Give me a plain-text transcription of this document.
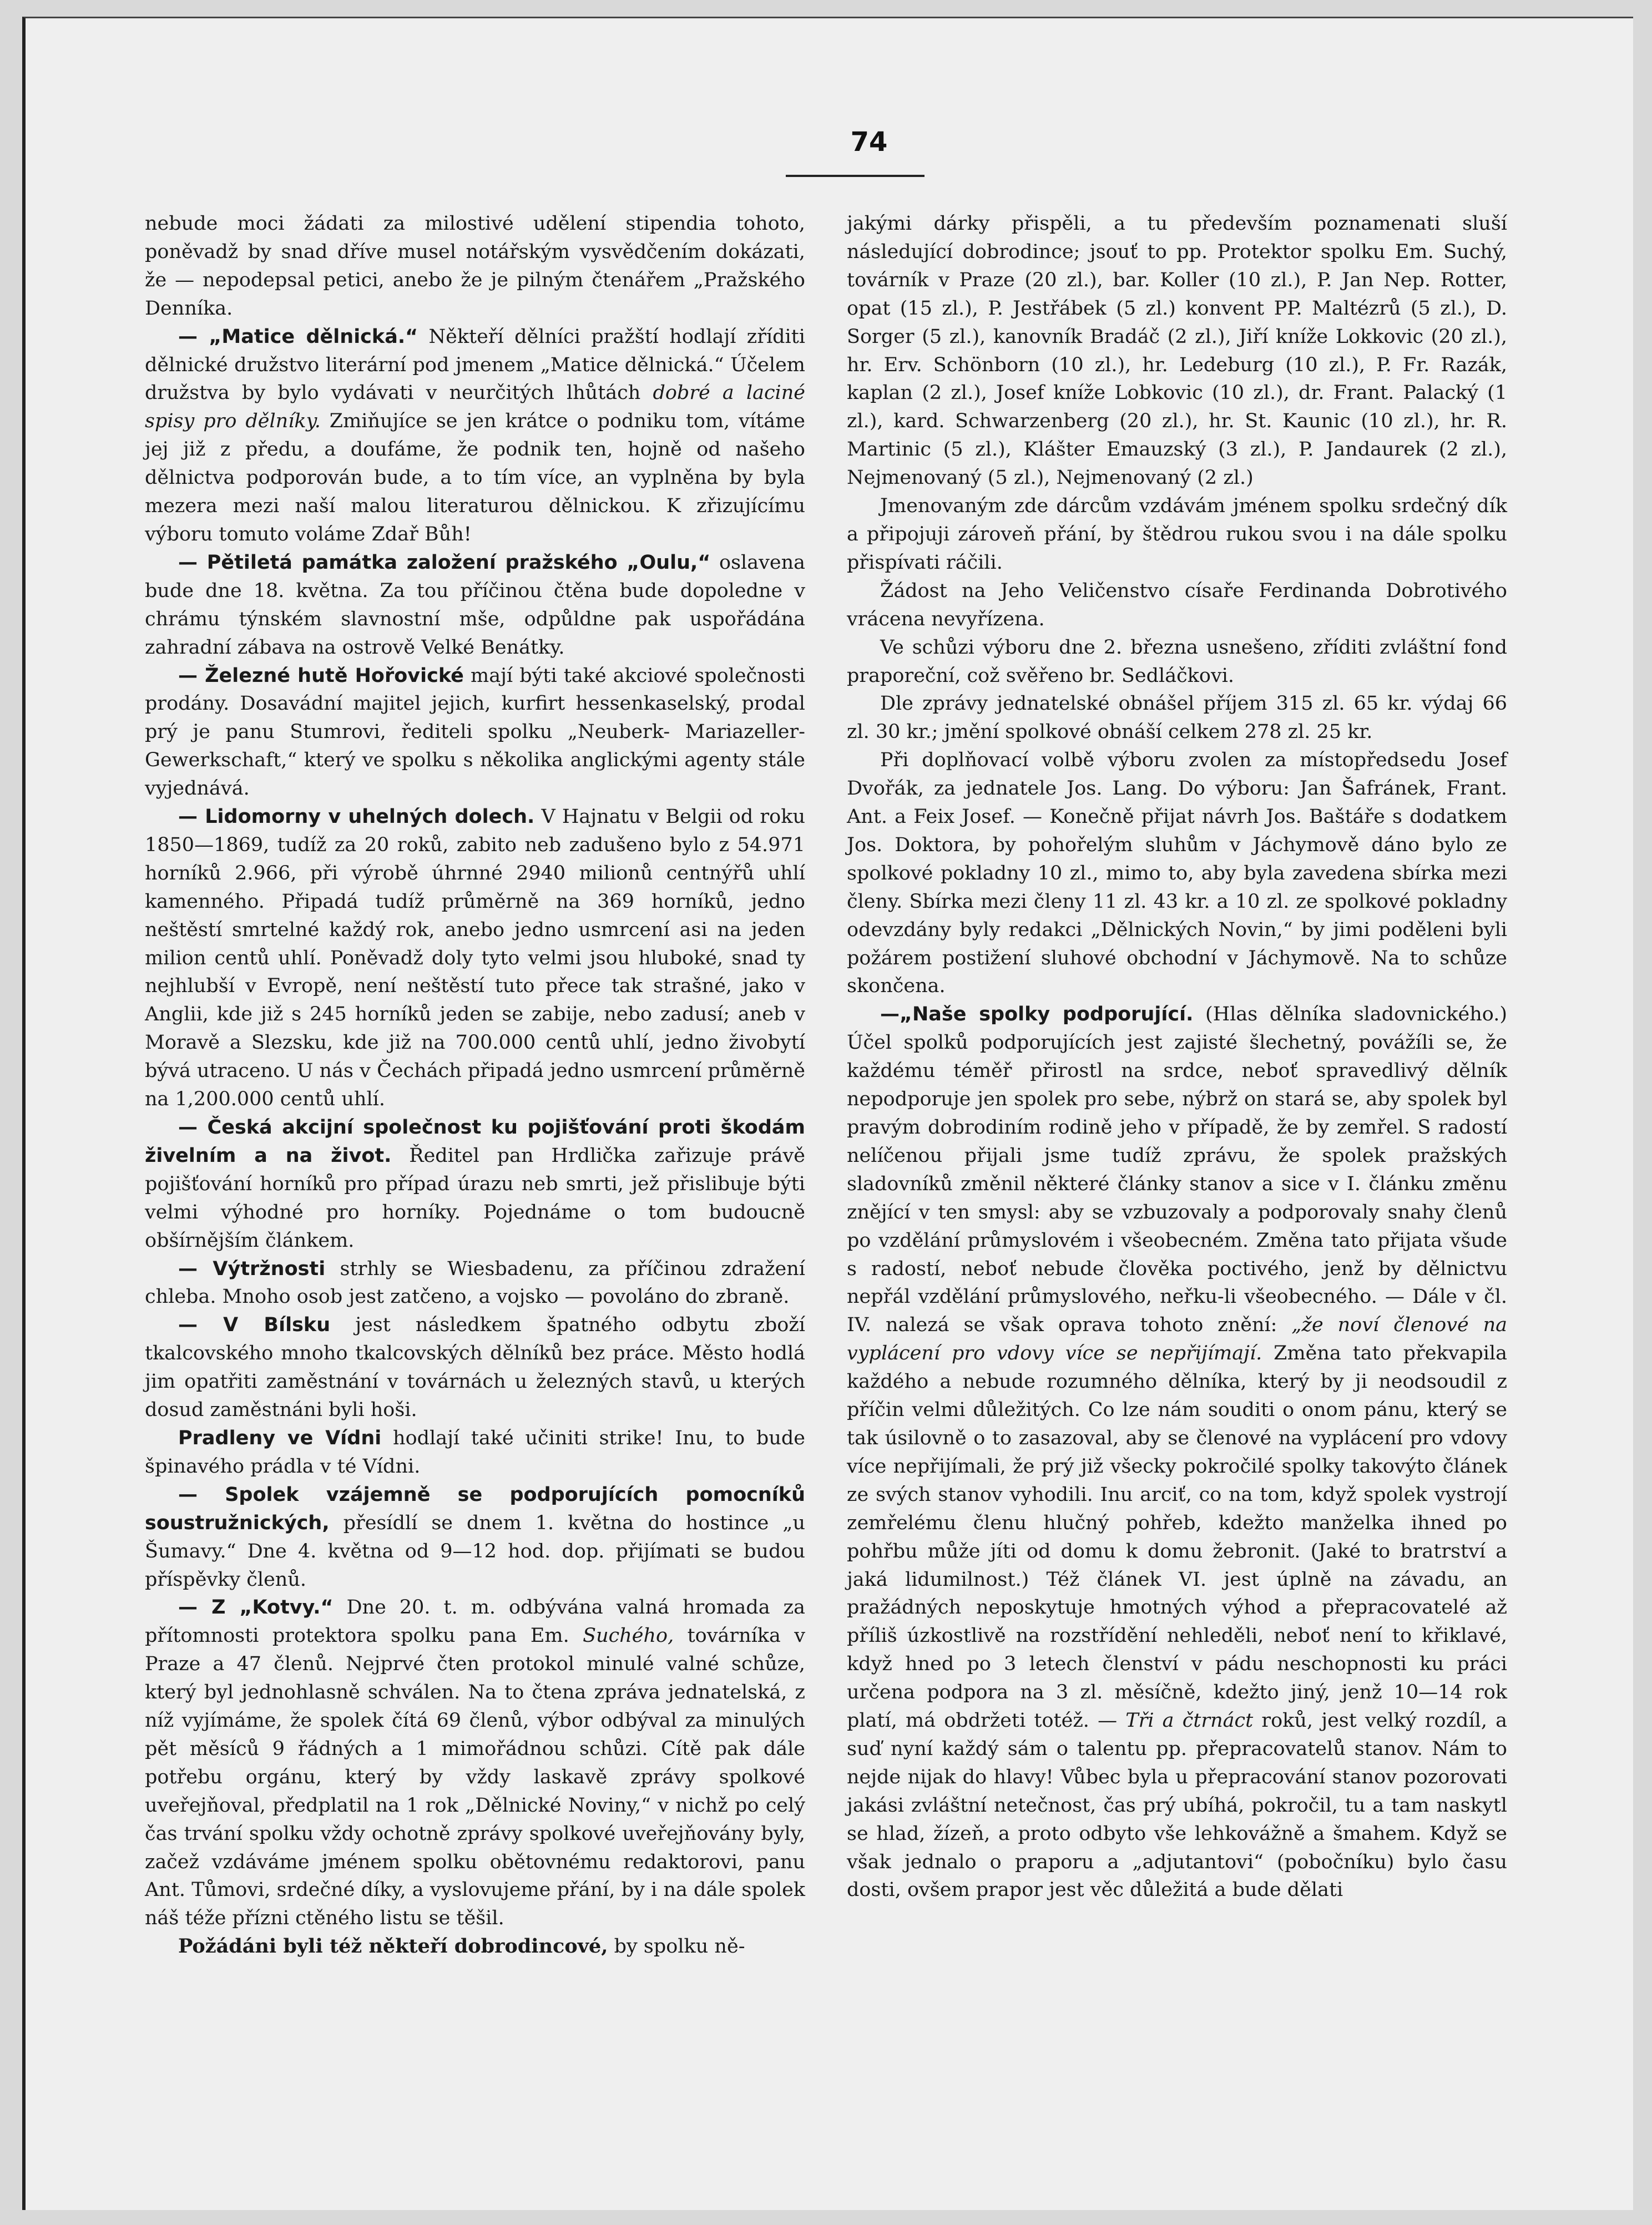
74

nebude moci žádati za milostivé udělení stipendia tohoto, poněvadž by snad dříve musel notářským vysvědčením dokázati, že — nepodepsal petici, anebo že je pilným čtenářem „Pražského Denníka.

— „Matice dělnická.“ Někteří dělníci pražští hodlají zříditi dělnické družstvo literární pod jmenem „Matice dělnická.“ Účelem družstva by bylo vydávati v neurčitých lhůtách dobré a laciné spisy pro dělníky. Zmiňujíce se jen krátce o podniku tom, vítáme jej již z předu, a doufáme, že podnik ten, hojně od našeho dělnictva podporován bude, a to tím více, an vyplněna by byla mezera mezi naší malou literaturou dělnickou. K zřizujícímu výboru tomuto voláme Zdař Bůh!

— Pětiletá památka založení pražského „Oulu,“ oslavena bude dne 18. května. Za tou příčinou čtěna bude dopoledne v chrámu týnském slavnostní mše, odpůldne pak uspořádána zahradní zábava na ostrově Velké Benátky.

— Železné hutě Hořovické mají býti také akciové společnosti prodány. Dosavádní majitel jejich, kurfirt hessenkaselský, prodal prý je panu Stumrovi, řediteli spolku „Neuberk- Mariazeller-Gewerkschaft,“ který ve spolku s několika anglickými agenty stále vyjednává.

— Lidomorny v uhelných dolech. V Hajnatu v Belgii od roku 1850—1869, tudíž za 20 roků, zabito neb zadušeno bylo z 54.971 horníků 2.966, při výrobě úhrnné 2940 milionů centnýřů uhlí kamenného. Připadá tudíž průměrně na 369 horníků, jedno neštěstí smrtelné každý rok, anebo jedno usmrcení asi na jeden milion centů uhlí. Poněvadž doly tyto velmi jsou hluboké, snad ty nejhlubší v Evropě, není neštěstí tuto přece tak strašné, jako v Anglii, kde již s 245 horníků jeden se zabije, nebo zadusí; aneb v Moravě a Slezsku, kde již na 700.000 centů uhlí, jedno živobytí bývá utraceno. U nás v Čechách připadá jedno usmrcení průměrně na 1,200.000 centů uhlí.

— Česká akcijní společnost ku pojišťování proti škodám živelním a na život. Ředitel pan Hrdlička zařizuje právě pojišťování horníků pro případ úrazu neb smrti, jež přislibuje býti velmi výhodné pro horníky. Pojednáme o tom budoucně obšírnějším článkem.

— Výtržnosti strhly se Wiesbadenu, za příčinou zdražení chleba. Mnoho osob jest zatčeno, a vojsko — povoláno do zbraně.

— V Bílsku jest následkem špatného odbytu zboží tkalcovského mnoho tkalcovských dělníků bez práce. Město hodlá jim opatřiti zaměstnání v továrnách u železných stavů, u kterých dosud zaměstnáni byli hoši.

Pradleny ve Vídni hodlají také učiniti strike! Inu, to bude špinavého prádla v té Vídni.

— Spolek vzájemně se podporujících pomocníků soustružnických, přesídlí se dnem 1. května do hostince „u Šumavy.“ Dne 4. května od 9—12 hod. dop. přijímati se budou příspěvky členů.

— Z „Kotvy.“ Dne 20. t. m. odbývána valná hromada za přítomnosti protektora spolku pana Em. Suchého, továrníka v Praze a 47 členů. Nejprvé čten protokol minulé valné schůze, který byl jednohlasně schválen. Na to čtena zpráva jednatelská, z níž vyjímáme, že spolek čítá 69 členů, výbor odbýval za minulých pět měsíců 9 řádných a 1 mimořádnou schůzi. Cítě pak dále potřebu orgánu, který by vždy laskavě zprávy spolkové uveřejňoval, předplatil na 1 rok „Dělnické Noviny,“ v nichž po celý čas trvání spolku vždy ochotně zprávy spolkové uveřejňovány byly, začež vzdáváme jménem spolku obětovnému redaktorovi, panu Ant. Tůmovi, srdečné díky, a vyslovujeme přání, by i na dále spolek náš téže přízni ctěného listu se těšil.

Požádáni byli též někteří dobrodincové, by spolku ně-

jakými dárky přispěli, a tu především poznamenati sluší následující dobrodince; jsouť to pp. Protektor spolku Em. Suchý, továrník v Praze (20 zl.), bar. Koller (10 zl.), P. Jan Nep. Rotter, opat (15 zl.), P. Jestřábek (5 zl.) konvent PP. Maltézrů (5 zl.), D. Sorger (5 zl.), kanovník Bradáč (2 zl.), Jiří kníže Lokkovic (20 zl.), hr. Erv. Schönborn (10 zl.), hr. Ledeburg (10 zl.), P. Fr. Razák, kaplan (2 zl.), Josef kníže Lobkovic (10 zl.), dr. Frant. Palacký (1 zl.), kard. Schwarzenberg (20 zl.), hr. St. Kaunic (10 zl.), hr. R. Martinic (5 zl.), Klášter Emauzský (3 zl.), P. Jandaurek (2 zl.), Nejmenovaný (5 zl.), Nejmenovaný (2 zl.)

Jmenovaným zde dárcům vzdávám jménem spolku srdečný dík a připojuji zároveň přání, by štědrou rukou svou i na dále spolku přispívati ráčili.

Žádost na Jeho Veličenstvo císaře Ferdinanda Dobrotivého vrácena nevyřízena.

Ve schůzi výboru dne 2. března usnešeno, zříditi zvláštní fond praporeční, což svěřeno br. Sedláčkovi.

Dle zprávy jednatelské obnášel příjem 315 zl. 65 kr. výdaj 66 zl. 30 kr.; jmění spolkové obnáší celkem 278 zl. 25 kr.

Při doplňovací volbě výboru zvolen za místopředsedu Josef Dvořák, za jednatele Jos. Lang. Do výboru: Jan Šafránek, Frant. Ant. a Feix Josef. — Konečně přijat návrh Jos. Baštáře s dodatkem Jos. Doktora, by pohořelým sluhům v Jáchymově dáno bylo ze spolkové pokladny 10 zl., mimo to, aby byla zavedena sbírka mezi členy. Sbírka mezi členy 11 zl. 43 kr. a 10 zl. ze spolkové pokladny odevzdány byly redakci „Dělnických Novin,“ by jimi poděleni byli požárem postižení sluhové obchodní v Jáchymově. Na to schůze skončena.

—„Naše spolky podporující. (Hlas dělníka sladovnického.) Účel spolků podporujících jest zajisté šlechetný, povážíli se, že každému téměř přirostl na srdce, neboť spravedlivý dělník nepodporuje jen spolek pro sebe, nýbrž on stará se, aby spolek byl pravým dobrodiním rodině jeho v případě, že by zemřel. S radostí nelíčenou přijali jsme tudíž zprávu, že spolek pražských sladovníků změnil některé články stanov a sice v I. článku změnu znějící v ten smysl: aby se vzbuzovaly a podporovaly snahy členů po vzdělání průmyslovém i všeobecném. Změna tato přijata všude s radostí, neboť nebude člověka poctivého, jenž by dělnictvu nepřál vzdělání průmyslového, neřku-li všeobecného. — Dále v čl. IV. nalezá se však oprava tohoto znění: „že noví členové na vyplácení pro vdovy více se nepřijímají. Změna tato překvapila každého a nebude rozumného dělníka, který by ji neodsoudil z příčin velmi důležitých. Co lze nám souditi o onom pánu, který se tak úsilovně o to zasazoval, aby se členové na vyplácení pro vdovy více nepřijímali, že prý již všecky pokročilé spolky takovýto článek ze svých stanov vyhodili. Inu arciť, co na tom, když spolek vystrojí zemřelému členu hlučný pohřeb, kdežto manželka ihned po pohřbu může jíti od domu k domu žebronit. (Jaké to bratrství a jaká lidumilnost.) Též článek VI. jest úplně na závadu, an pražádných neposkytuje hmotných výhod a přepracovatelé až příliš úzkostlivě na rozstřídění nehleděli, neboť není to křiklavé, když hned po 3 letech členství v pádu neschopnosti ku práci určena podpora na 3 zl. měsíčně, kdežto jiný, jenž 10—14 rok platí, má obdržeti totéž. — Tři a čtrnáct roků, jest velký rozdíl, a suď nyní každý sám o talentu pp. přepracovatelů stanov. Nám to nejde nijak do hlavy! Vůbec byla u přepracování stanov pozorovati jakási zvláštní netečnost, čas prý ubíhá, pokročil, tu a tam naskytl se hlad, žízeň, a proto odbyto vše lehkovážně a šmahem. Když se však jednalo o praporu a „adjutantovi“ (pobočníku) bylo času dosti, ovšem prapor jest věc důležitá a bude dělati
